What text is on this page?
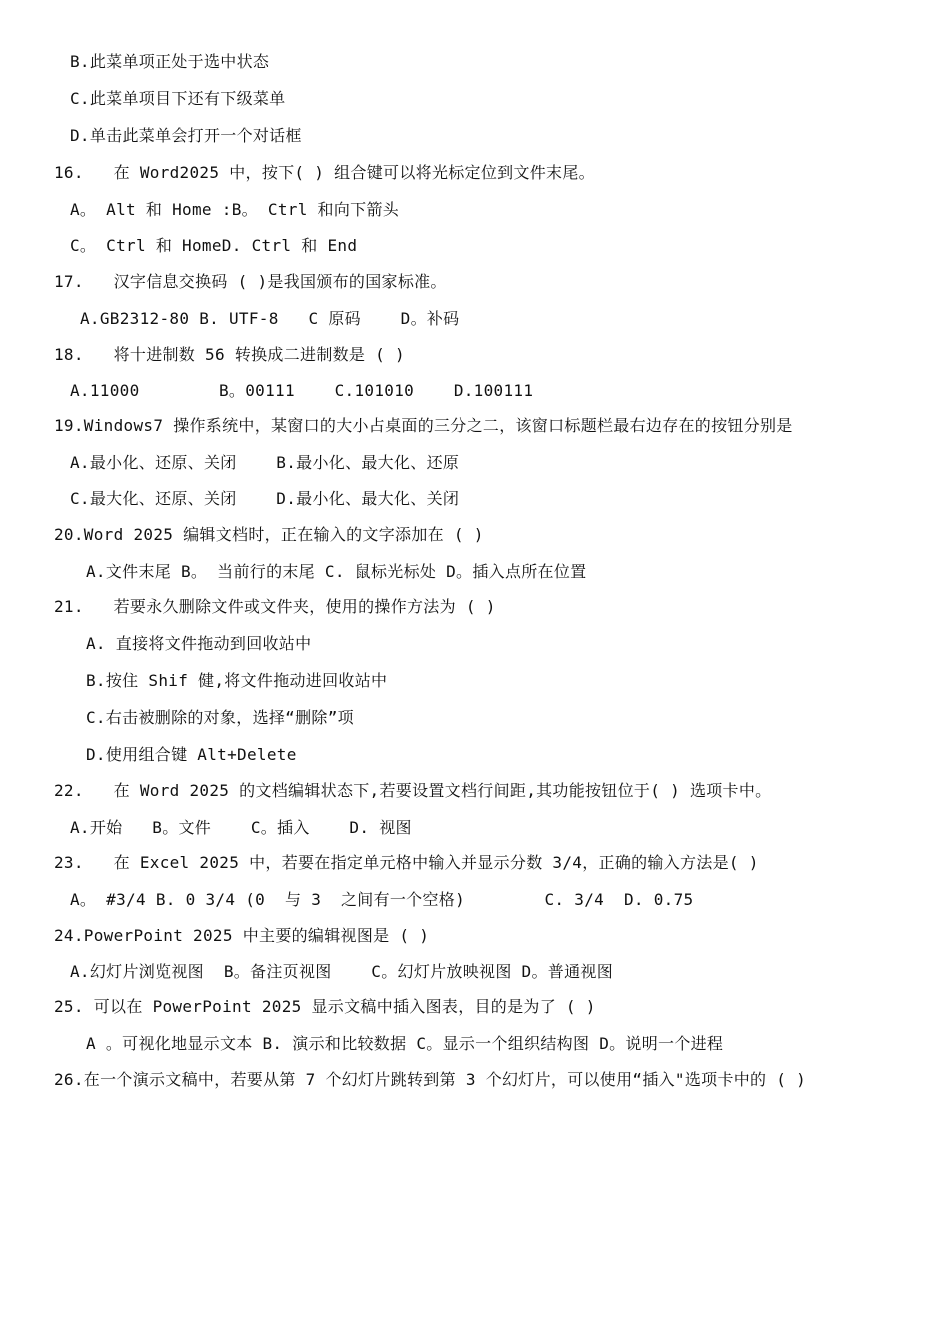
B.此菜单项正处于选中状态
C.此菜单项目下还有下级菜单
D.单击此菜单会打开一个对话框
16.   在 Word2025 中，按下( ) 组合键可以将光标定位到文件末尾。
A。 Alt 和 Home :B。 Ctrl 和向下箭头
C。 Ctrl 和 HomeD. Ctrl 和 End
17.   汉字信息交换码 ( )是我国颁布的国家标准。
A.GB2312-80 B. UTF-8   C 原码    D。补码
18.   将十进制数 56 转换成二进制数是 ( )
A.11000        B。00111    C.101010    D.100111
19.Windows7 操作系统中，某窗口的大小占桌面的三分之二，该窗口标题栏最右边存在的按钮分别是
A.最小化、还原、关闭    B.最小化、最大化、还原
C.最大化、还原、关闭    D.最小化、最大化、关闭
20.Word 2025 编辑文档时，正在输入的文字添加在 ( )
A.文件末尾 B。 当前行的末尾 C. 鼠标光标处 D。插入点所在位置
21.   若要永久删除文件或文件夹，使用的操作方法为 ( )
A. 直接将文件拖动到回收站中
B.按住 Shif 健,将文件拖动进回收站中
C.右击被删除的对象，选择“删除”项
D.使用组合键 Alt+Delete
22.   在 Word 2025 的文档编辑状态下,若要设置文档行间距,其功能按钮位于( ) 选项卡中。
A.开始   B。文件    C。插入    D. 视图
23.   在 Excel 2025 中，若要在指定单元格中输入并显示分数 3/4，正确的输入方法是( )
A。 #3/4 B. 0 3/4 (0  与 3  之间有一个空格)        C. 3/4  D. 0.75
24.PowerPoint 2025 中主要的编辑视图是 ( )
A.幻灯片浏览视图  B。备注页视图    C。幻灯片放映视图 D。普通视图
25. 可以在 PowerPoint 2025 显示文稿中插入图表，目的是为了 ( )
A 。可视化地显示文本 B. 演示和比较数据 C。显示一个组织结构图 D。说明一个进程
26.在一个演示文稿中，若要从第 7 个幻灯片跳转到第 3 个幻灯片，可以使用“插入"选项卡中的 ( )
